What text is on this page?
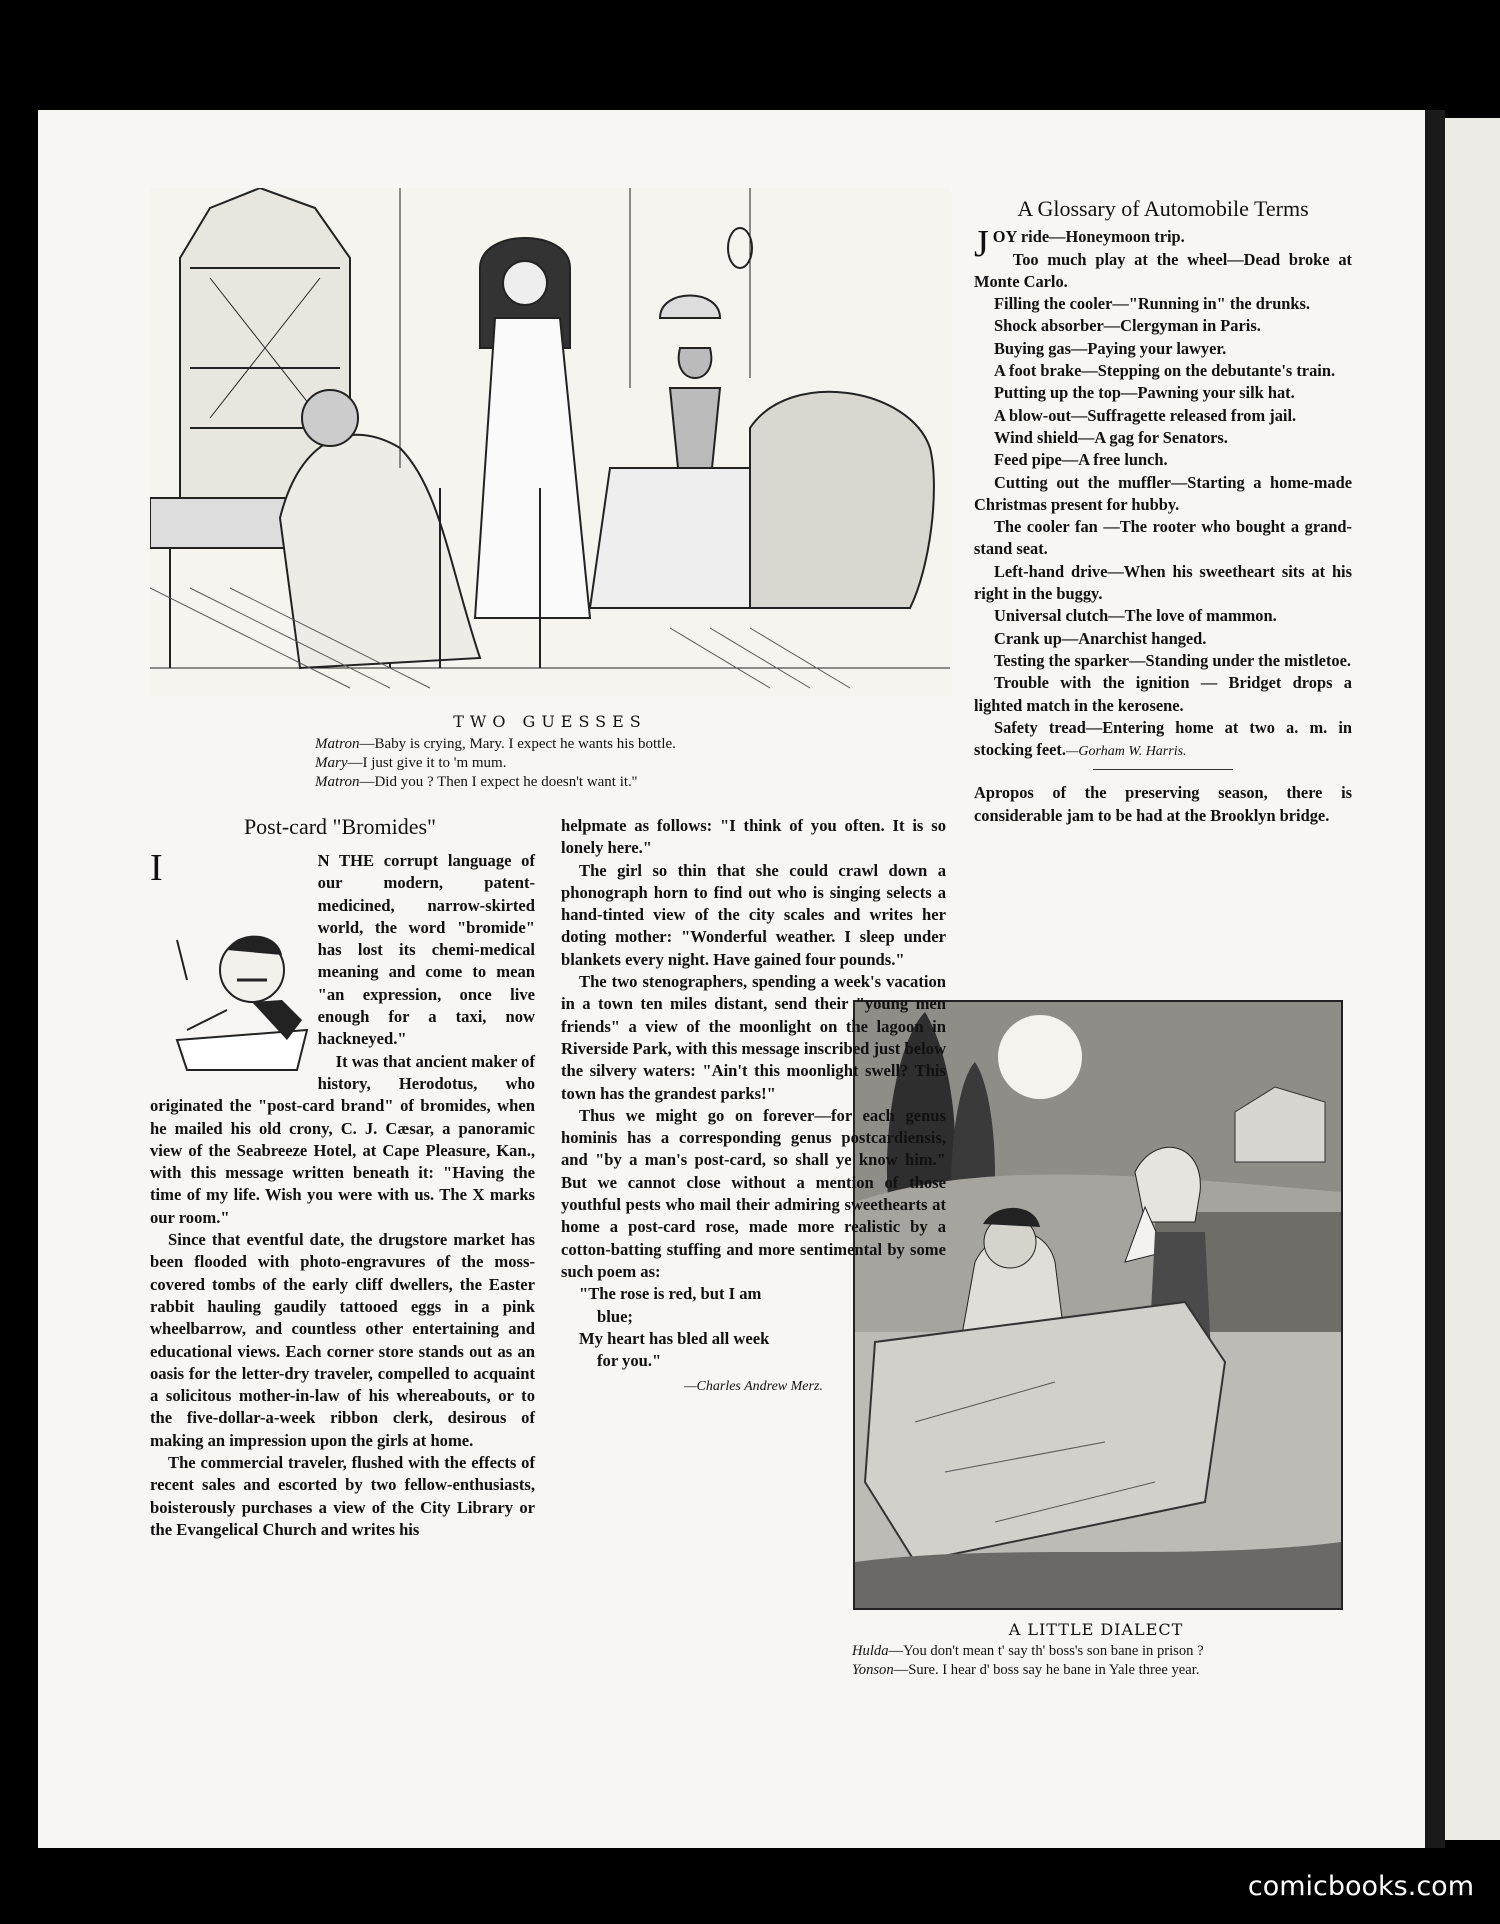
TWO GUESSES
Matron—Baby is crying, Mary. I expect he wants his bottle.
Mary—I just give it to 'm mum.
Matron—Did you ? Then I expect he doesn't want it.''
A Glossary of Automobile Terms

JOY ride—Honeymoon trip.

Too much play at the wheel—Dead broke at Monte Carlo.

Filling the cooler—"Running in" the drunks.

Shock absorber—Clergyman in Paris.

Buying gas—Paying your lawyer.

A foot brake—Stepping on the debutante's train.

Putting up the top—Pawning your silk hat.

A blow-out—Suffragette released from jail.

Wind shield—A gag for Senators.

Feed pipe—A free lunch.

Cutting out the muffler—Starting a home-made Christmas present for hubby.

The cooler fan —The rooter who bought a grand-stand seat.

Left-hand drive—When his sweetheart sits at his right in the buggy.

Universal clutch—The love of mammon.

Crank up—Anarchist hanged.

Testing the sparker—Standing under the mistletoe.

Trouble with the ignition — Bridget drops a lighted match in the kerosene.

Safety tread—Entering home at two a. m. in stocking feet.—Gorham W. Harris.

Apropos of the preserving season, there is considerable jam to be had at the Brooklyn bridge.

A LITTLE DIALECT
Hulda—You don't mean t' say th' boss's son bane in prison ?
Yonson—Sure. I hear d' boss say he bane in Yale three year.
Post-card "Bromides"

I	N THE corrupt language of our modern, patent-medicined, narrow-skirted world, the word "bromide" has lost its chemi-medical meaning and come to mean "an expression, once live enough for a taxi, now hackneyed."

It was that ancient maker of history, Herodotus, who originated the "post-card brand" of bromides, when he mailed his old crony, C. J. Cæsar, a panoramic view of the Seabreeze Hotel, at Cape Pleasure, Kan., with this message written beneath it: "Having the time of my life. Wish you were with us. The X marks our room."

Since that eventful date, the drugstore market has been flooded with photo-engravures of the moss-covered tombs of the early cliff dwellers, the Easter rabbit hauling gaudily tattooed eggs in a pink wheelbarrow, and countless other entertaining and educational views. Each corner store stands out as an oasis for the letter-dry traveler, compelled to acquaint a solicitous mother-in-law of his whereabouts, or to the five-dollar-a-week ribbon clerk, desirous of making an impression upon the girls at home.

The commercial traveler, flushed with the effects of recent sales and escorted by two fellow-enthusiasts, boisterously purchases a view of the City Library or the Evangelical Church and writes his

helpmate as follows: "I think of you often. It is so lonely here."

The girl so thin that she could crawl down a phonograph horn to find out who is singing selects a hand-tinted view of the city scales and writes her doting mother: "Wonderful weather. I sleep under blankets every night. Have gained four pounds."

The two stenographers, spending a week's vacation in a town ten miles distant, send their "young men friends" a view of the moonlight on the lagoon in Riverside Park, with this message inscribed just below the silvery waters: "Ain't this moonlight swell? This town has the grandest parks!"

Thus we might go on forever—for each genus hominis has a corresponding genus postcardiensis, and "by a man's post-card, so shall ye know him." But we cannot close without a mention of those youthful pests who mail their admiring sweethearts at home a post-card rose, made more realistic by a cotton-batting stuffing and more sentimental by some such poem as:

"The rose is red, but I am

blue;

My heart has bled all week

for you."

—Charles Andrew Merz.
comicbooks.com
